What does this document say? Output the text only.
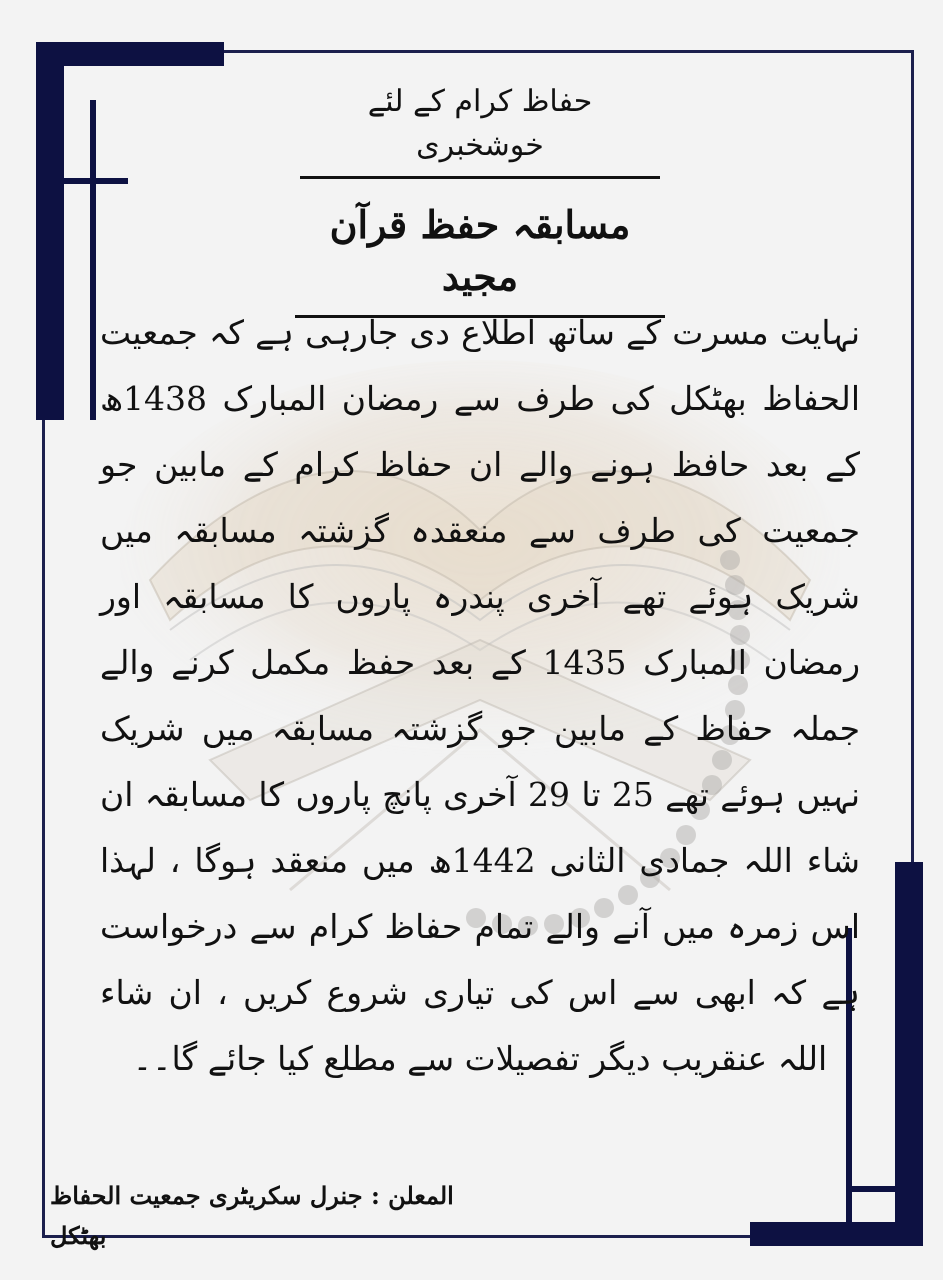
حفاظ کرام کے لئے خوشخبری
مسابقہ حفظ قرآن مجید
نہایت مسرت کے ساتھ اطلاع دی جارہی ہے کہ جمعیت الحفاظ بھٹکل کی طرف سے رمضان المبارک 1438ھ کے بعد حافظ ہونے والے ان حفاظ کرام کے مابین جو جمعیت کی طرف سے منعقدہ گزشتہ مسابقہ میں شریک ہوئے تھے آخری پندرہ پاروں کا مسابقہ اور رمضان المبارک 1435 کے بعد حفظ مکمل کرنے والے جملہ حفاظ کے مابین جو گزشتہ مسابقہ میں شریک نہیں ہوئے تھے 25 تا 29 آخری پانچ پاروں کا مسابقہ ان شاء اللہ جمادی الثانی 1442ھ میں منعقد ہوگا ، لہذا اس زمرہ میں آنے والے تمام حفاظ کرام سے درخواست ہے کہ ابھی سے اس کی تیاری شروع کریں ، ان شاء اللہ عنقریب دیگر تفصیلات سے مطلع کیا جائے گا۔۔
المعلن : جنرل سکریٹری جمعیت الحفاظ بھٹکل
